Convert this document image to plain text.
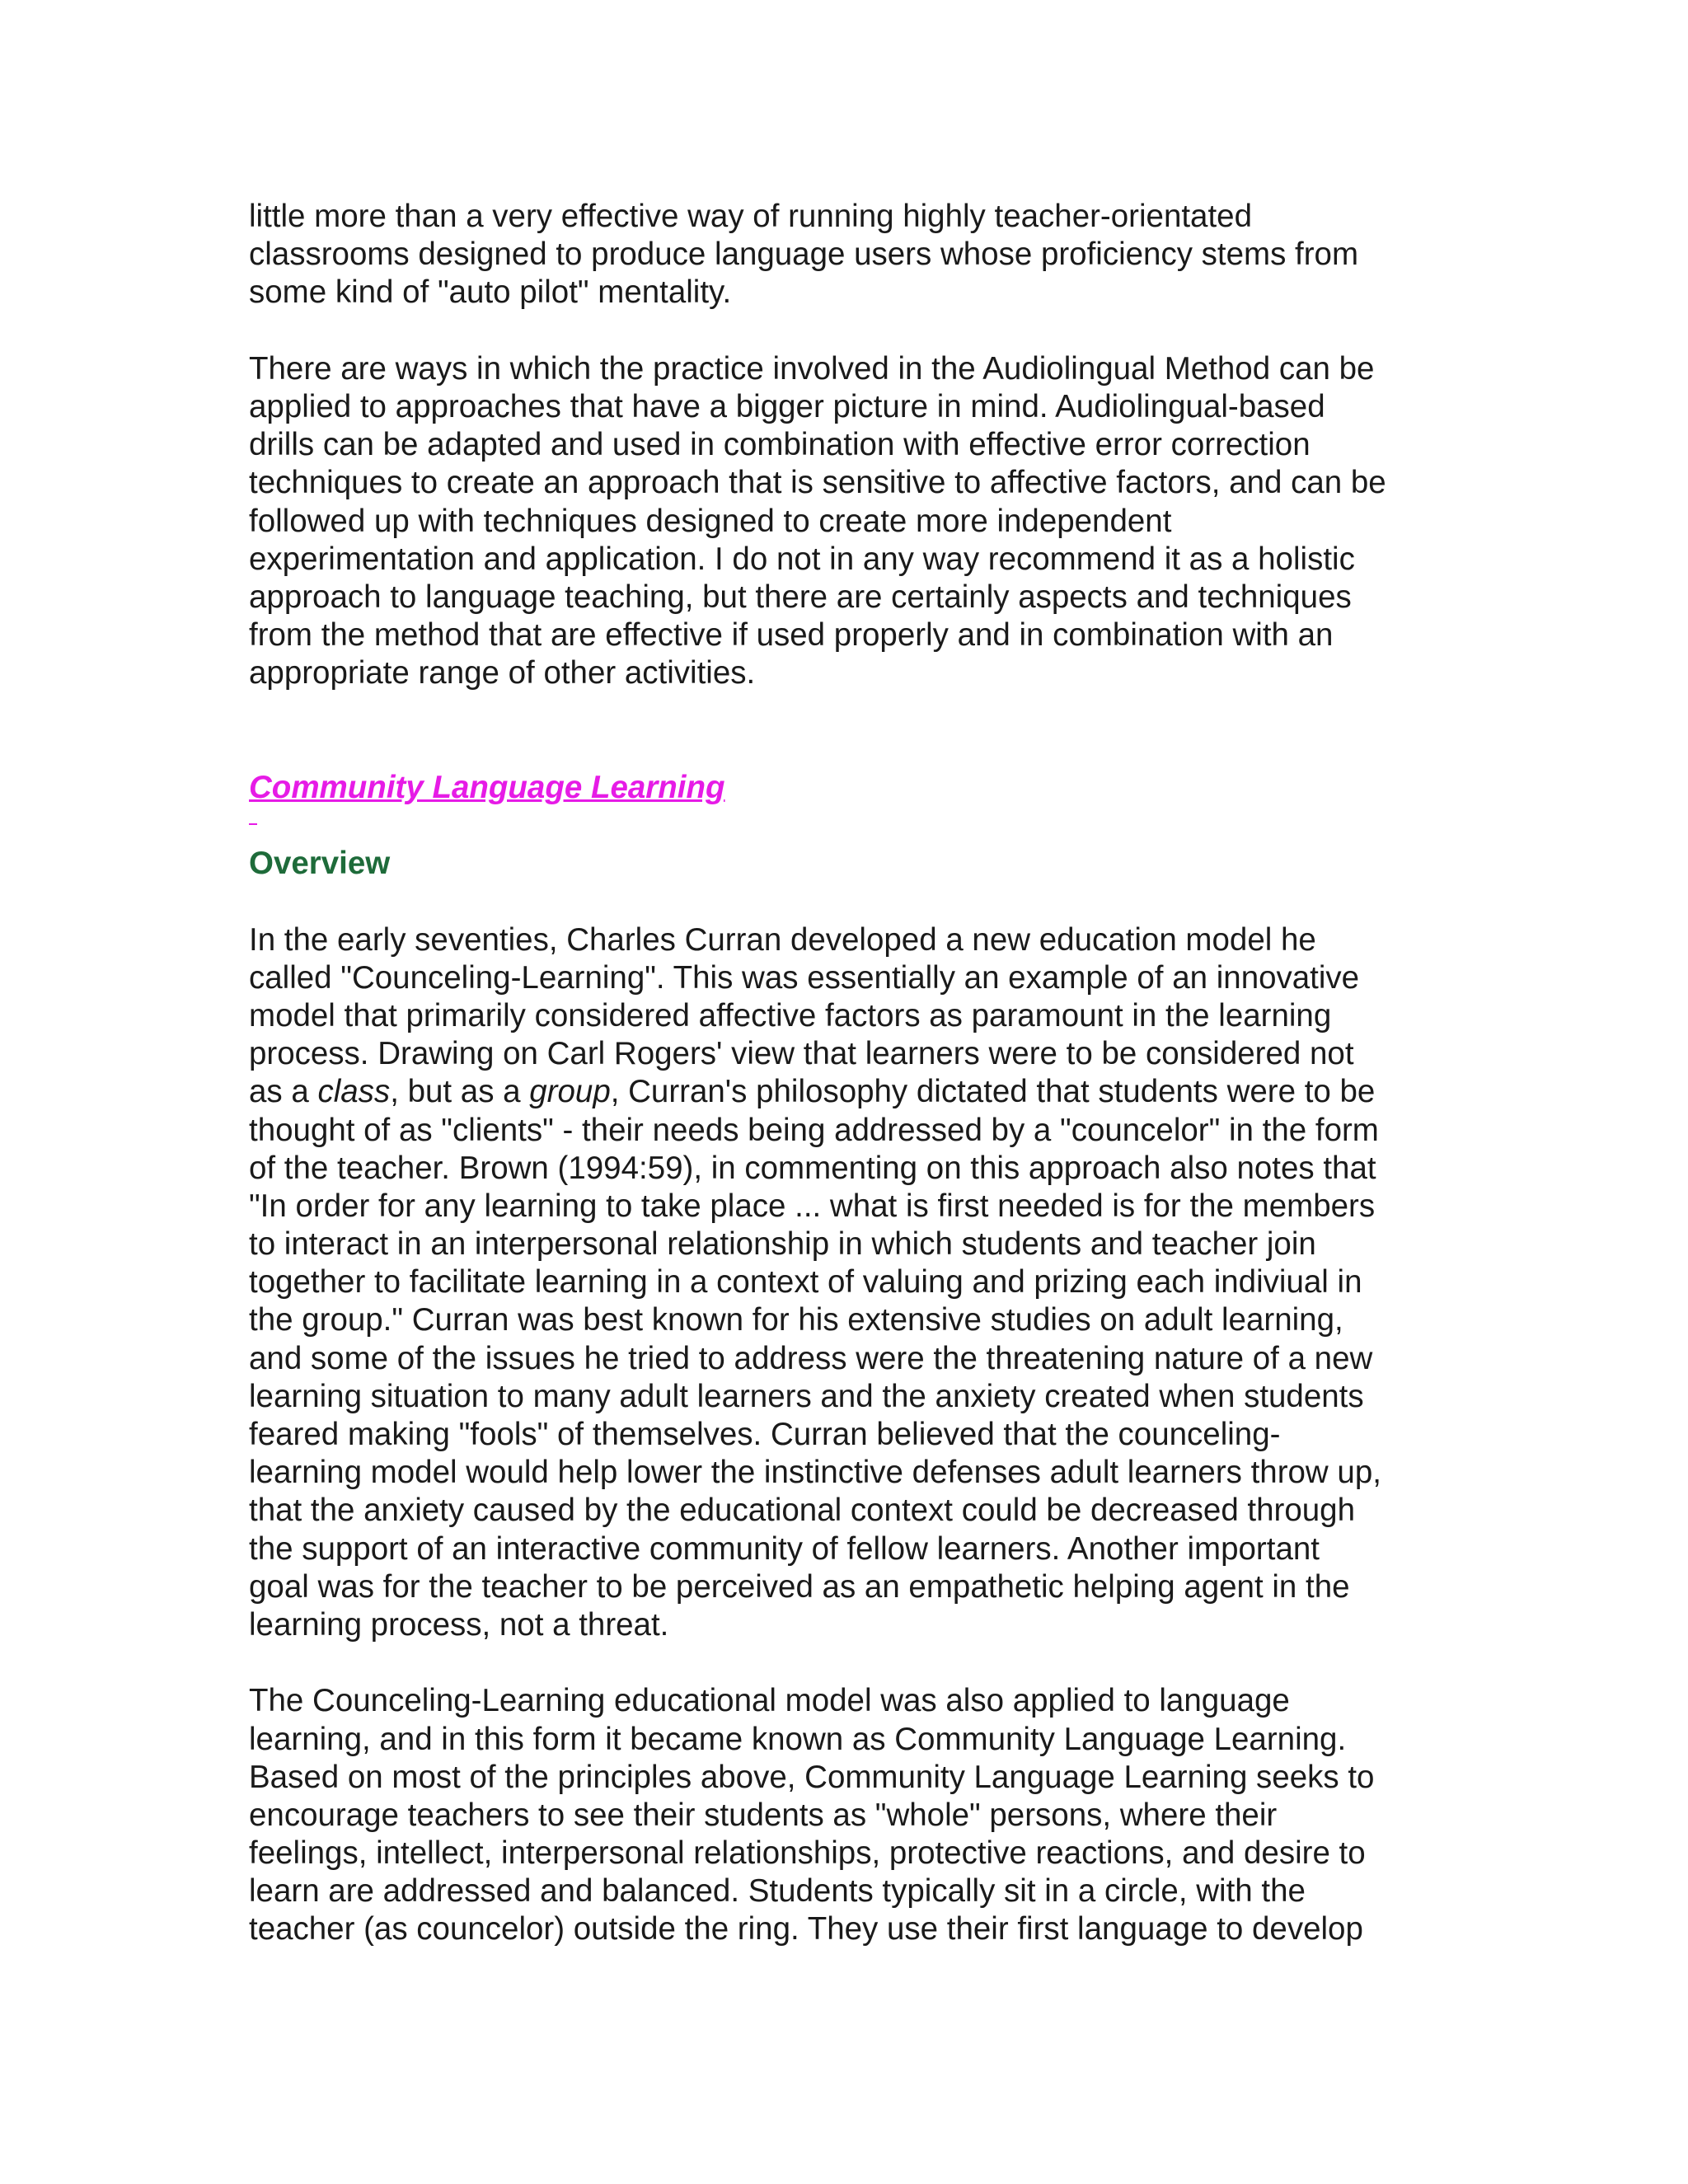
little more than a very effective way of running highly teacher-orientated
classrooms designed to produce language users whose proficiency stems from
some kind of "auto pilot" mentality.
There are ways in which the practice involved in the Audiolingual Method can be
applied to approaches that have a bigger picture in mind. Audiolingual-based
drills can be adapted and used in combination with effective error correction
techniques to create an approach that is sensitive to affective factors, and can be
followed up with techniques designed to create more independent
experimentation and application. I do not in any way recommend it as a holistic
approach to language teaching, but there are certainly aspects and techniques
from the method that are effective if used properly and in combination with an
appropriate range of other activities.
Community Language Learning
Overview
In the early seventies, Charles Curran developed a new education model he
called "Counceling-Learning". This was essentially an example of an innovative
model that primarily considered affective factors as paramount in the learning
process. Drawing on Carl Rogers' view that learners were to be considered not
as a class, but as a group, Curran's philosophy dictated that students were to be
thought of as "clients" - their needs being addressed by a "councelor" in the form
of the teacher. Brown (1994:59), in commenting on this approach also notes that
"In order for any learning to take place ... what is first needed is for the members
to interact in an interpersonal relationship in which students and teacher join
together to facilitate learning in a context of valuing and prizing each indiviual in
the group." Curran was best known for his extensive studies on adult learning,
and some of the issues he tried to address were the threatening nature of a new
learning situation to many adult learners and the anxiety created when students
feared making "fools" of themselves. Curran believed that the counceling-
learning model would help lower the instinctive defenses adult learners throw up,
that the anxiety caused by the educational context could be decreased through
the support of an interactive community of fellow learners. Another important
goal was for the teacher to be perceived as an empathetic helping agent in the
learning process, not a threat.
The Counceling-Learning educational model was also applied to language
learning, and in this form it became known as Community Language Learning.
Based on most of the principles above, Community Language Learning seeks to
encourage teachers to see their students as "whole" persons, where their
feelings, intellect, interpersonal relationships, protective reactions, and desire to
learn are addressed and balanced. Students typically sit in a circle, with the
teacher (as councelor) outside the ring. They use their first language to develop
